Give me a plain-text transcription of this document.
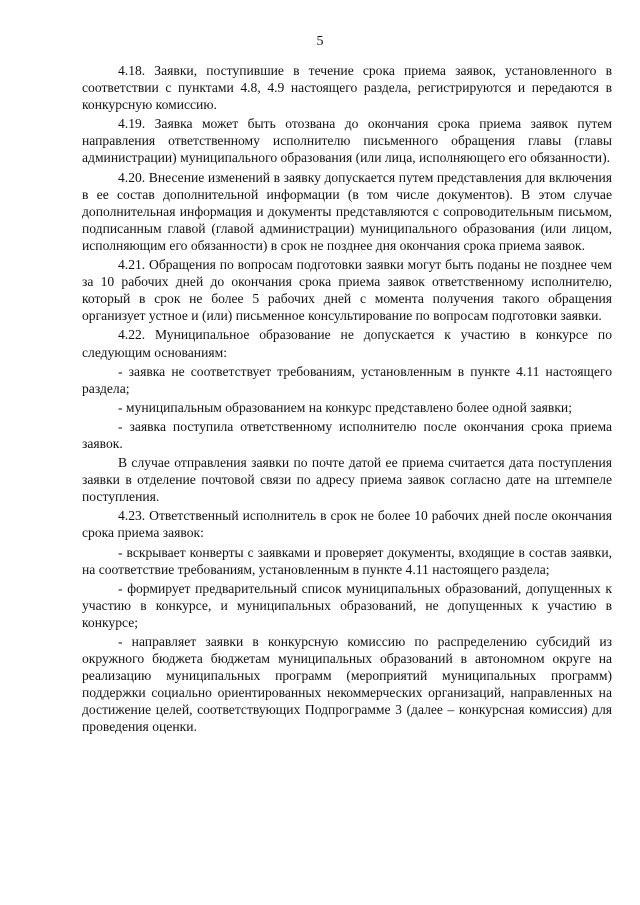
5

4.18. Заявки, поступившие в течение срока приема заявок, установленного в соответствии с пунктами 4.8, 4.9 настоящего раздела, регистрируются и передаются в конкурсную комиссию.

4.19. Заявка может быть отозвана до окончания срока приема заявок путем направления ответственному исполнителю письменного обращения главы (главы администрации) муниципального образования (или лица, исполняющего его обязанности).

4.20. Внесение изменений в заявку допускается путем представления для включения в ее состав дополнительной информации (в том числе документов). В этом случае дополнительная информация и документы представляются с сопроводительным письмом, подписанным главой (главой администрации) муниципального образования (или лицом, исполняющим его обязанности) в срок не позднее дня окончания срока приема заявок.

4.21. Обращения по вопросам подготовки заявки могут быть поданы не позднее чем за 10 рабочих дней до окончания срока приема заявок ответственному исполнителю, который в срок не более 5 рабочих дней с момента получения такого обращения организует устное и (или) письменное консультирование по вопросам подготовки заявки.

4.22. Муниципальное образование не допускается к участию в конкурсе по следующим основаниям:

- заявка не соответствует требованиям, установленным в пункте 4.11 настоящего раздела;

- муниципальным образованием на конкурс представлено более одной заявки;

- заявка поступила ответственному исполнителю после окончания срока приема заявок.

В случае отправления заявки по почте датой ее приема считается дата поступления заявки в отделение почтовой связи по адресу приема заявок согласно дате на штемпеле поступления.

4.23. Ответственный исполнитель в срок не более 10 рабочих дней после окончания срока приема заявок:

- вскрывает конверты с заявками и проверяет документы, входящие в состав заявки, на соответствие требованиям, установленным в пункте 4.11 настоящего раздела;

- формирует предварительный список муниципальных образований, допущенных к участию в конкурсе, и муниципальных образований, не допущенных к участию в конкурсе;

- направляет заявки в конкурсную комиссию по распределению субсидий из окружного бюджета бюджетам муниципальных образований в автономном округе на реализацию муниципальных программ (мероприятий муниципальных программ) поддержки социально ориентированных некоммерческих организаций, направленных на достижение целей, соответствующих Подпрограмме 3 (далее – конкурсная комиссия) для проведения оценки.
